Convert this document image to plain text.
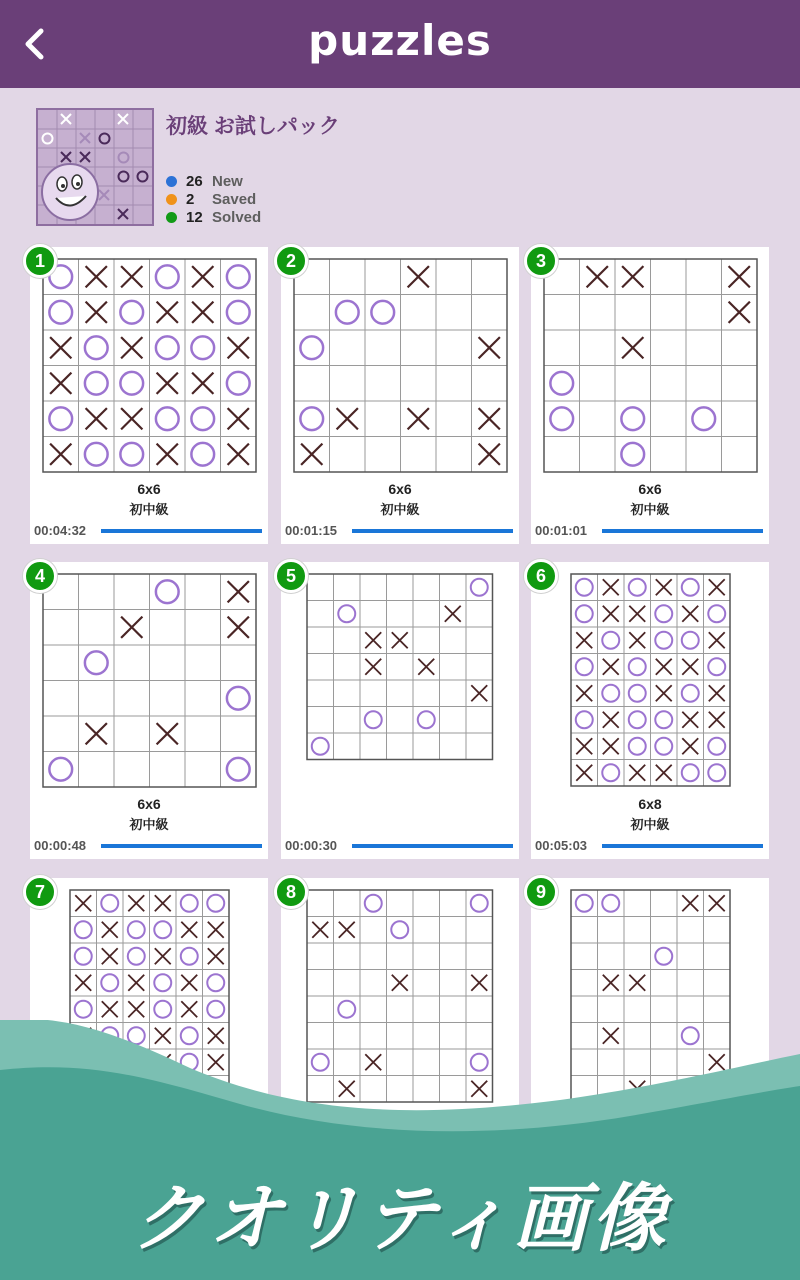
puzzles
初級 お試しパック
26 New
2	Saved
12 Solved
1
6x6
初中級
00:04:32
2
6x6
初中級
00:01:15
3
6x6
初中級
00:01:01
4
6x6
初中級
00:00:48
5
00:00:30
6
6x8
初中級
00:05:03
7	8	9
クオリティ画像
